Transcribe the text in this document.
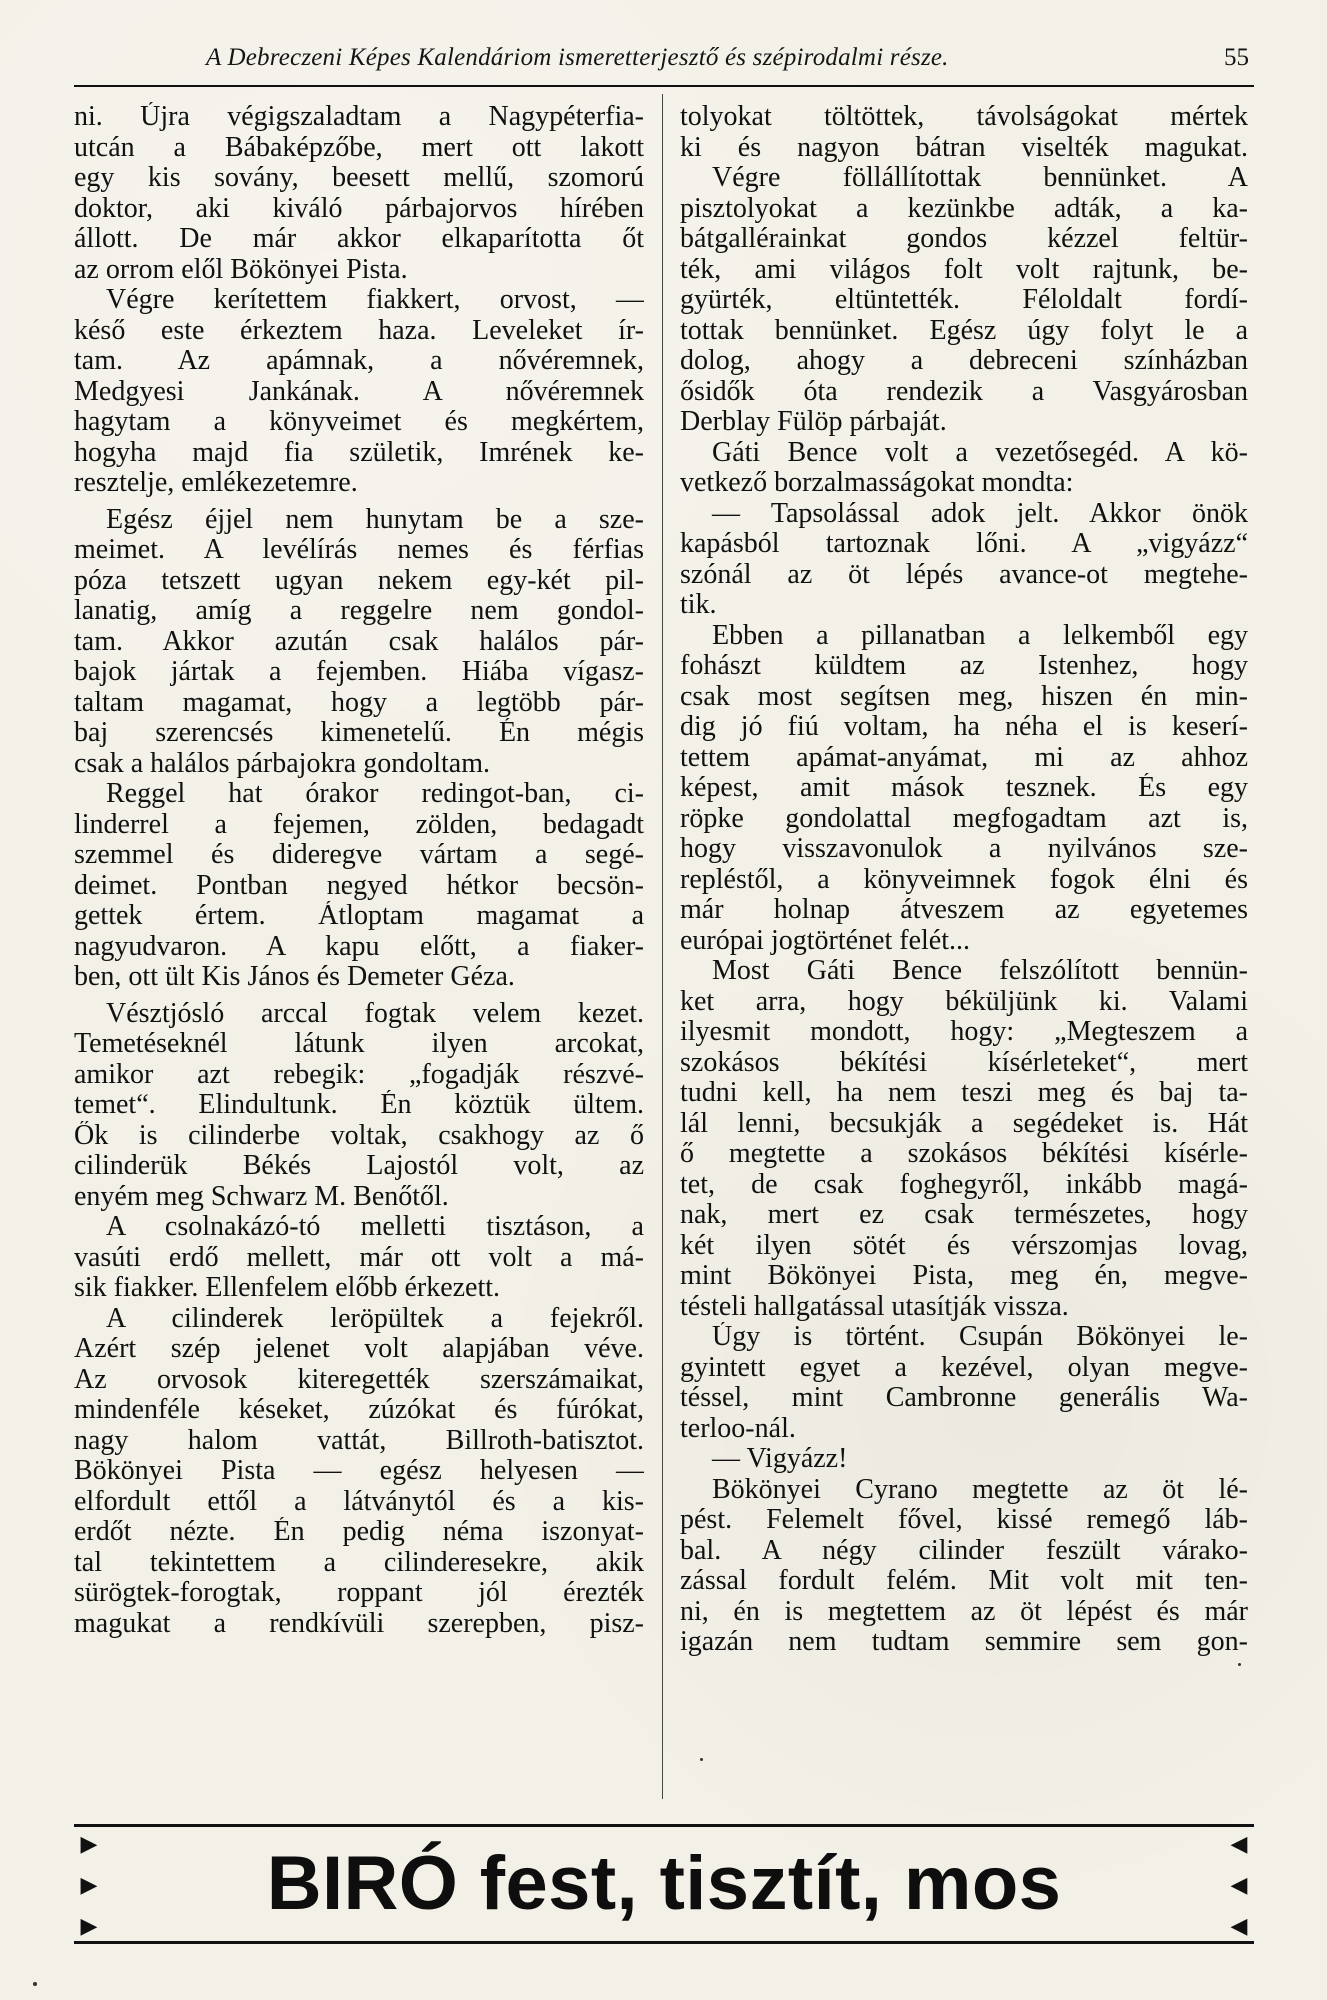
A Debreczeni Képes Kalendáriom ismeretterjesztő és szépirodalmi része.	55
ni. Újra végigszaladtam a Nagypéterfia-
utcán a Bábaképzőbe, mert ott lakott
egy kis sovány, beesett mellű, szomorú
doktor, aki kiváló párbajorvos hírében
állott. De már akkor elkaparította őt
az orrom elől Bökönyei Pista.
Végre kerítettem fiakkert, orvost, —
késő este érkeztem haza. Leveleket ír-
tam. Az apámnak, a nővéremnek,
Medgyesi Jankának. A nővéremnek
hagytam a könyveimet és megkértem,
hogyha majd fia születik, Imrének ke-
resztelje, emlékezetemre.
Egész éjjel nem hunytam be a sze-
meimet. A levélírás nemes és férfias
póza tetszett ugyan nekem egy-két pil-
lanatig, amíg a reggelre nem gondol-
tam. Akkor azután csak halálos pár-
bajok jártak a fejemben. Hiába vígasz-
taltam magamat, hogy a legtöbb pár-
baj szerencsés kimenetelű. Én mégis
csak a halálos párbajokra gondoltam.
Reggel hat órakor redingot-ban, ci-
linderrel a fejemen, zölden, bedagadt
szemmel és dideregve vártam a segé-
deimet. Pontban negyed hétkor becsön-
gettek értem. Átloptam magamat a
nagyudvaron. A kapu előtt, a fiaker-
ben, ott ült Kis János és Demeter Géza.
Vésztjósló arccal fogtak velem kezet.
Temetéseknél látunk ilyen arcokat,
amikor azt rebegik: „fogadják részvé-
temet“. Elindultunk. Én köztük ültem.
Ők is cilinderbe voltak, csakhogy az ő
cilinderük Békés Lajostól volt, az
enyém meg Schwarz M. Benőtől.
A csolnakázó-tó melletti tisztáson, a
vasúti erdő mellett, már ott volt a má-
sik fiakker. Ellenfelem előbb érkezett.
A cilinderek leröpültek a fejekről.
Azért szép jelenet volt alapjában véve.
Az orvosok kiteregették szerszámaikat,
mindenféle késeket, zúzókat és fúrókat,
nagy halom vattát, Billroth-batisztot.
Bökönyei Pista — egész helyesen —
elfordult ettől a látványtól és a kis-
erdőt nézte. Én pedig néma iszonyat-
tal tekintettem a cilinderesekre, akik
sürögtek-forogtak, roppant jól érezték
magukat a rendkívüli szerepben, pisz-
tolyokat töltöttek, távolságokat mértek
ki és nagyon bátran viselték magukat.
Végre föllállítottak bennünket. A
pisztolyokat a kezünkbe adták, a ka-
bátgallérainkat gondos kézzel feltür-
ték, ami világos folt volt rajtunk, be-
gyürték, eltüntették. Féloldalt fordí-
tottak bennünket. Egész úgy folyt le a
dolog, ahogy a debreceni színházban
ősidők óta rendezik a Vasgyárosban
Derblay Fülöp párbaját.
Gáti Bence volt a vezetősegéd. A kö-
vetkező borzalmasságokat mondta:
— Tapsolással adok jelt. Akkor önök
kapásból tartoznak lőni. A „vigyázz“
szónál az öt lépés avance-ot megtehe-
tik.
Ebben a pillanatban a lelkemből egy
fohászt küldtem az Istenhez, hogy
csak most segítsen meg, hiszen én min-
dig jó fiú voltam, ha néha el is keserí-
tettem apámat-anyámat, mi az ahhoz
képest, amit mások tesznek. És egy
röpke gondolattal megfogadtam azt is,
hogy visszavonulok a nyilvános sze-
repléstől, a könyveimnek fogok élni és
már holnap átveszem az egyetemes
európai jogtörténet felét...
Most Gáti Bence felszólított bennün-
ket arra, hogy béküljünk ki. Valami
ilyesmit mondott, hogy: „Megteszem a
szokásos békítési kísérleteket“, mert
tudni kell, ha nem teszi meg és baj ta-
lál lenni, becsukják a segédeket is. Hát
ő megtette a szokásos békítési kísérle-
tet, de csak foghegyről, inkább magá-
nak, mert ez csak természetes, hogy
két ilyen sötét és vérszomjas lovag,
mint Bökönyei Pista, meg én, megve-
tésteli hallgatással utasítják vissza.
Úgy is történt. Csupán Bökönyei le-
gyintett egyet a kezével, olyan megve-
téssel, mint Cambronne generális Wa-
terloo-nál.
— Vigyázz!
Bökönyei Cyrano megtette az öt lé-
pést. Felemelt fővel, kissé remegő láb-
bal. A négy cilinder feszült várako-
zással fordult felém. Mit volt mit ten-
ni, én is megtettem az öt lépést és már
igazán nem tudtam semmire sem gon-
▶
▶
▶	BIRÓ fest, tisztít, mos	◀
◀
◀
